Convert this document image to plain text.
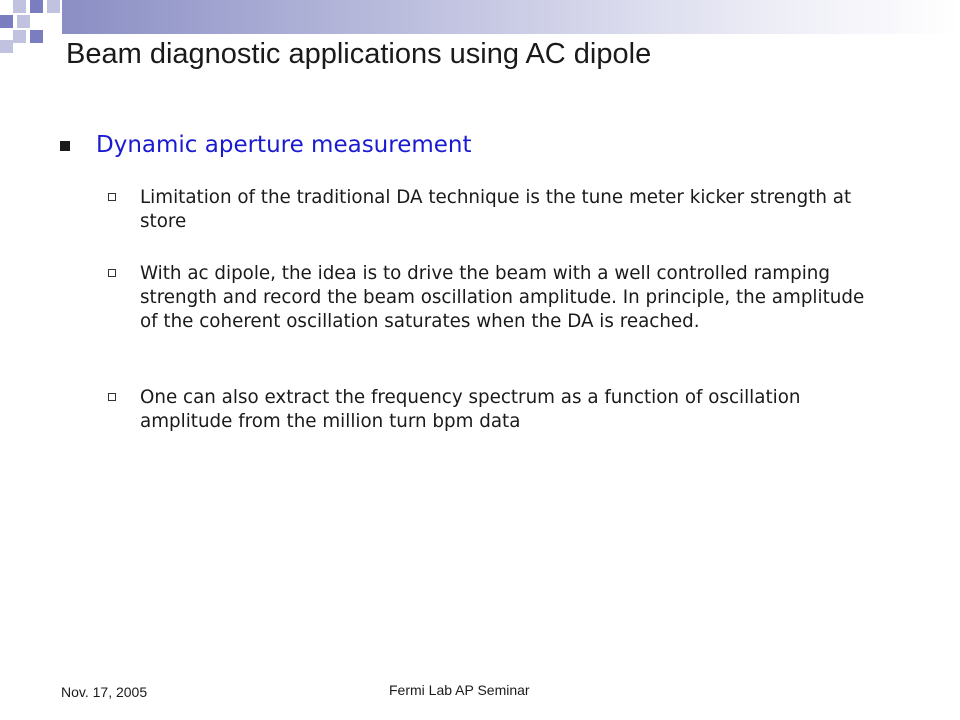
Beam diagnostic applications using AC dipole
Dynamic aperture measurement

Limitation of the traditional DA technique is the tune meter kicker strength at store

With ac dipole, the idea is to drive the beam with a well controlled ramping strength and record the beam oscillation amplitude. In principle, the amplitude of the coherent oscillation saturates when the DA is reached.

One can also extract the frequency spectrum as a function of oscillation amplitude from the million turn bpm data

Nov. 17, 2005	Fermi Lab AP Seminar
